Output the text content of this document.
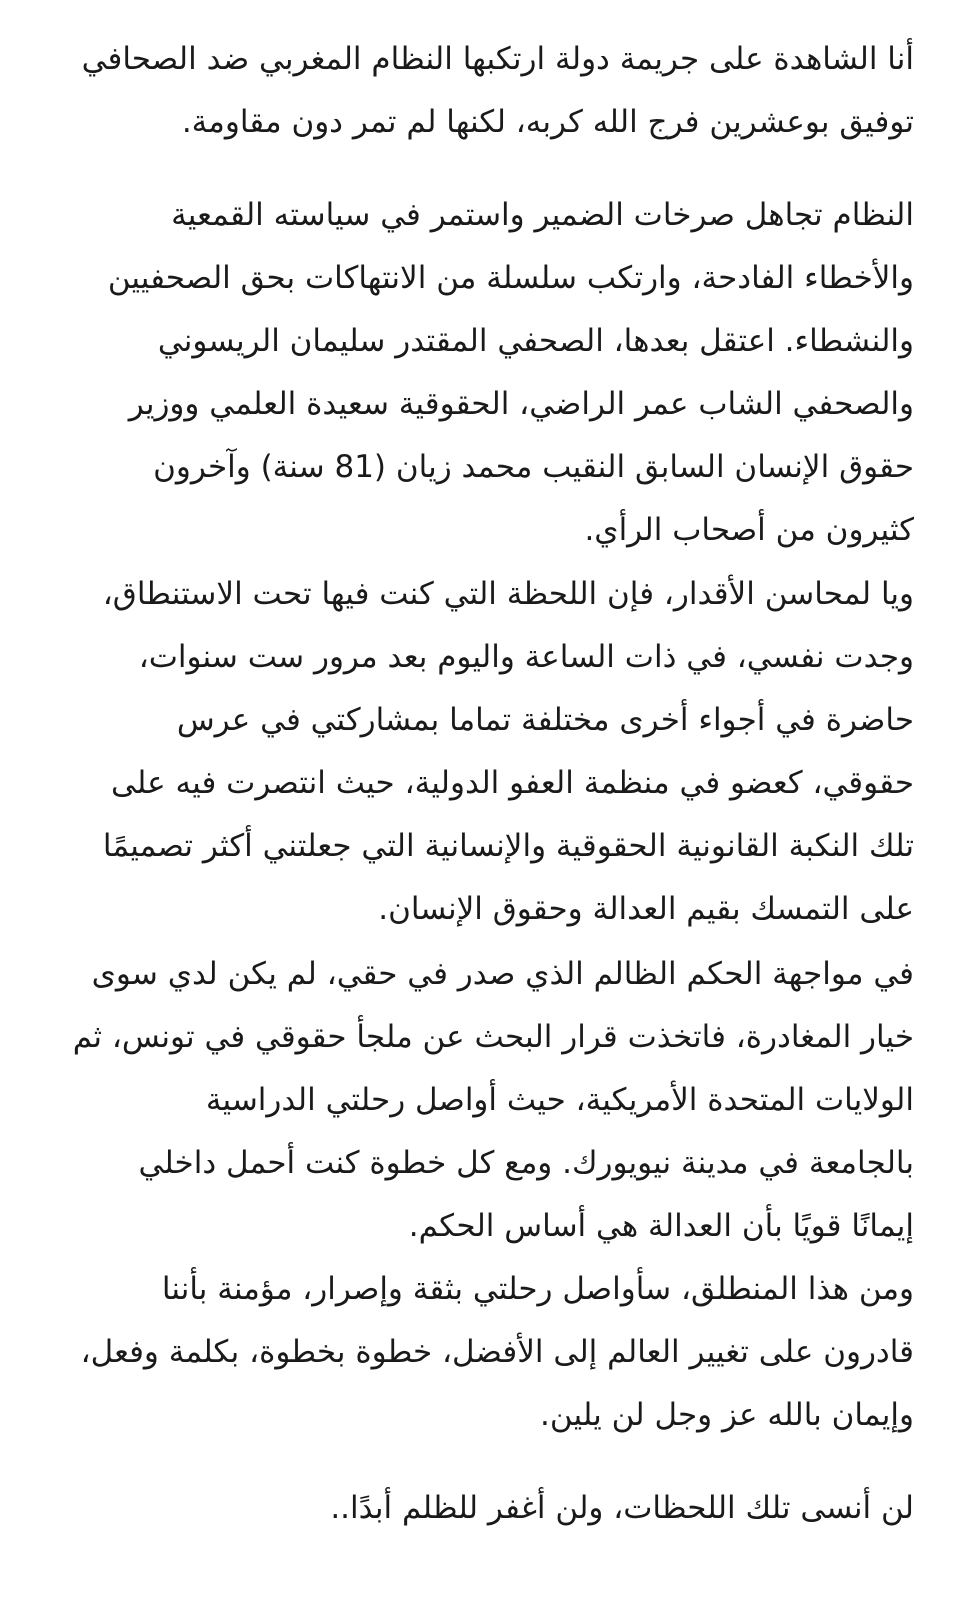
أنا الشاهدة على جريمة دولة ارتكبها النظام المغربي ضد الصحافي
توفيق بوعشرين فرج الله كربه، لكنها لم تمر دون مقاومة.
النظام تجاهل صرخات الضمير واستمر في سياسته القمعية
والأخطاء الفادحة، وارتكب سلسلة من الانتهاكات بحق الصحفيين
والنشطاء. اعتقل بعدها، الصحفي المقتدر سليمان الريسوني
والصحفي الشاب عمر الراضي، الحقوقية سعيدة العلمي ووزير
حقوق الإنسان السابق النقيب محمد زيان (81 سنة) وآخرون
كثيرون من أصحاب الرأي.
ويا لمحاسن الأقدار، فإن اللحظة التي كنت فيها تحت الاستنطاق،
وجدت نفسي، في ذات الساعة واليوم بعد مرور ست سنوات،
حاضرة في أجواء أخرى مختلفة تماما بمشاركتي في عرس
حقوقي، كعضو في منظمة العفو الدولية، حيث انتصرت فيه على
تلك النكبة القانونية الحقوقية والإنسانية التي جعلتني أكثر تصميمًا
على التمسك بقيم العدالة وحقوق الإنسان.
في مواجهة الحكم الظالم الذي صدر في حقي، لم يكن لدي سوى
خيار المغادرة، فاتخذت قرار البحث عن ملجأ حقوقي في تونس، ثم
الولايات المتحدة الأمريكية، حيث أواصل رحلتي الدراسية
بالجامعة في مدينة نيويورك. ومع كل خطوة كنت أحمل داخلي
إيمانًا قويًا بأن العدالة هي أساس الحكم.
ومن هذا المنطلق، سأواصل رحلتي بثقة وإصرار، مؤمنة بأننا
قادرون على تغيير العالم إلى الأفضل، خطوة بخطوة، بكلمة وفعل،
وإيمان بالله عز وجل لن يلين.
لن أنسى تلك اللحظات، ولن أغفر للظلم أبدًا..
